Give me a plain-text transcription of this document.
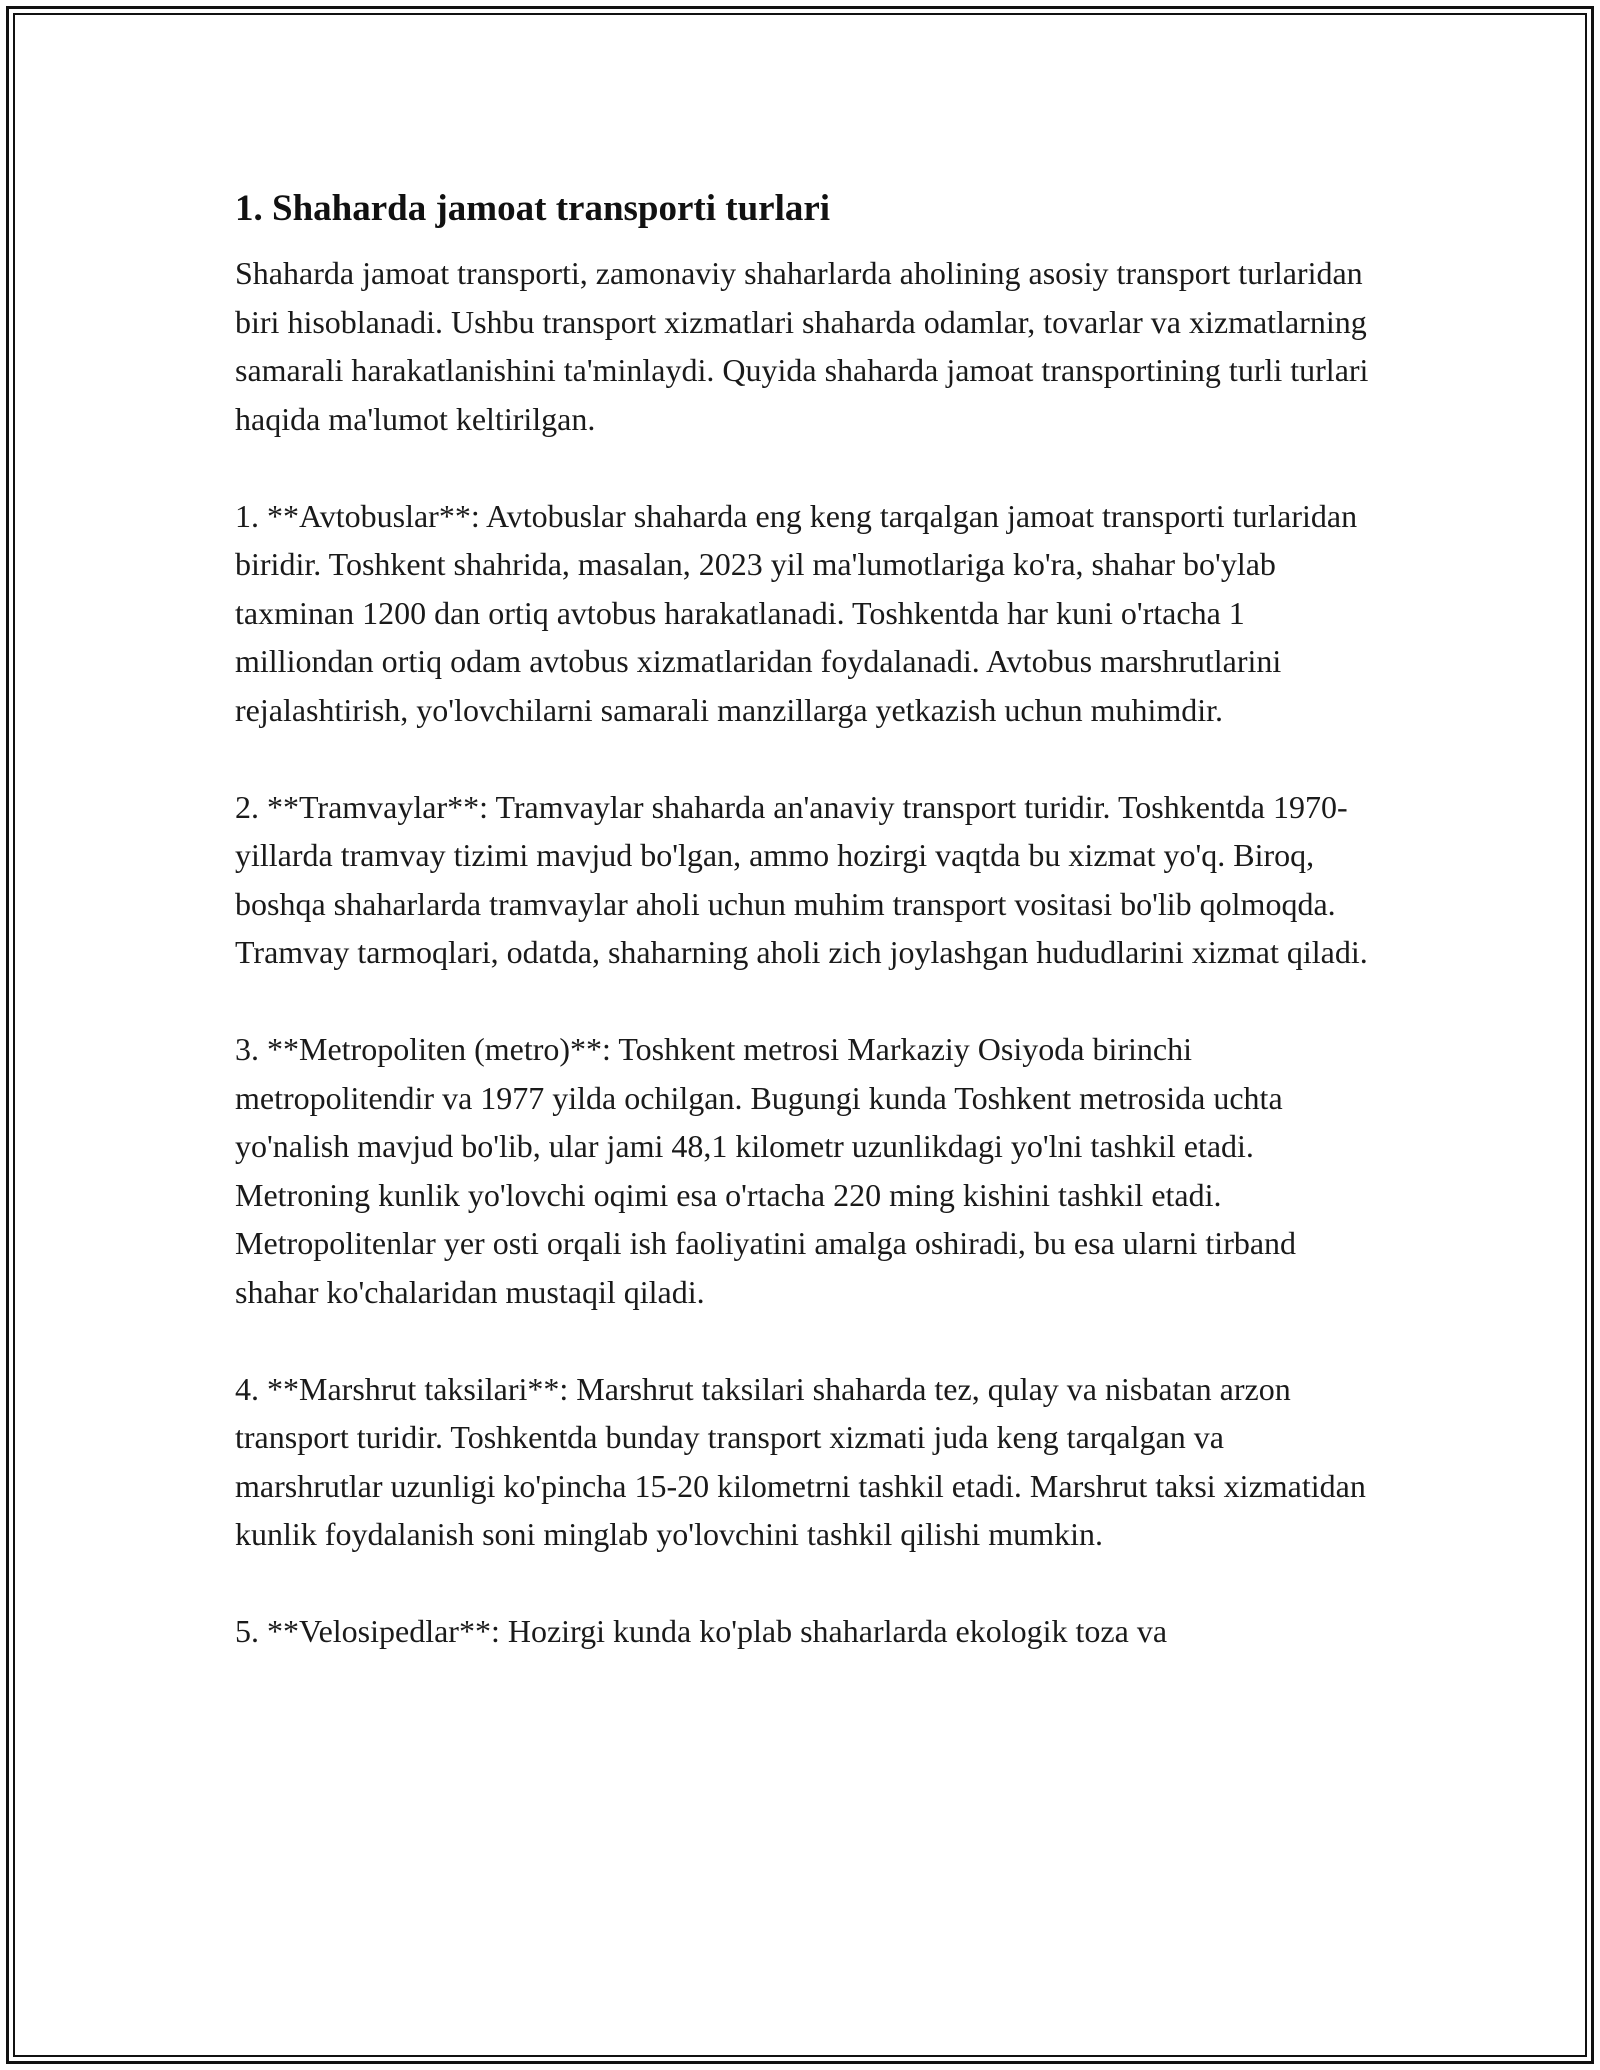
1. Shaharda jamoat transporti turlari

Shaharda jamoat transporti, zamonaviy shaharlarda aholining asosiy transport turlaridan biri hisoblanadi. Ushbu transport xizmatlari shaharda odamlar, tovarlar va xizmatlarning samarali harakatlanishini ta'minlaydi. Quyida shaharda jamoat transportining turli turlari haqida ma'lumot keltirilgan.

1. **Avtobuslar**: Avtobuslar shaharda eng keng tarqalgan jamoat transporti turlaridan biridir. Toshkent shahrida, masalan, 2023 yil ma'lumotlariga ko'ra, shahar bo'ylab taxminan 1200 dan ortiq avtobus harakatlanadi. Toshkentda har kuni o'rtacha 1 milliondan ortiq odam avtobus xizmatlaridan foydalanadi. Avtobus marshrutlarini rejalashtirish, yo'lovchilarni samarali manzillarga yetkazish uchun muhimdir.

2. **Tramvaylar**: Tramvaylar shaharda an'anaviy transport turidir. Toshkentda 1970-yillarda tramvay tizimi mavjud bo'lgan, ammo hozirgi vaqtda bu xizmat yo'q. Biroq, boshqa shaharlarda tramvaylar aholi uchun muhim transport vositasi bo'lib qolmoqda. Tramvay tarmoqlari, odatda, shaharning aholi zich joylashgan hududlarini xizmat qiladi.

3. **Metropoliten (metro)**: Toshkent metrosi Markaziy Osiyoda birinchi metropolitendir va 1977 yilda ochilgan. Bugungi kunda Toshkent metrosida uchta yo'nalish mavjud bo'lib, ular jami 48,1 kilometr uzunlikdagi yo'lni tashkil etadi. Metroning kunlik yo'lovchi oqimi esa o'rtacha 220 ming kishini tashkil etadi. Metropolitenlar yer osti orqali ish faoliyatini amalga oshiradi, bu esa ularni tirband shahar ko'chalaridan mustaqil qiladi.

4. **Marshrut taksilari**: Marshrut taksilari shaharda tez, qulay va nisbatan arzon transport turidir. Toshkentda bunday transport xizmati juda keng tarqalgan va marshrutlar uzunligi ko'pincha 15-20 kilometrni tashkil etadi. Marshrut taksi xizmatidan kunlik foydalanish soni minglab yo'lovchini tashkil qilishi mumkin.

5. **Velosipedlar**: Hozirgi kunda ko'plab shaharlarda ekologik toza va
